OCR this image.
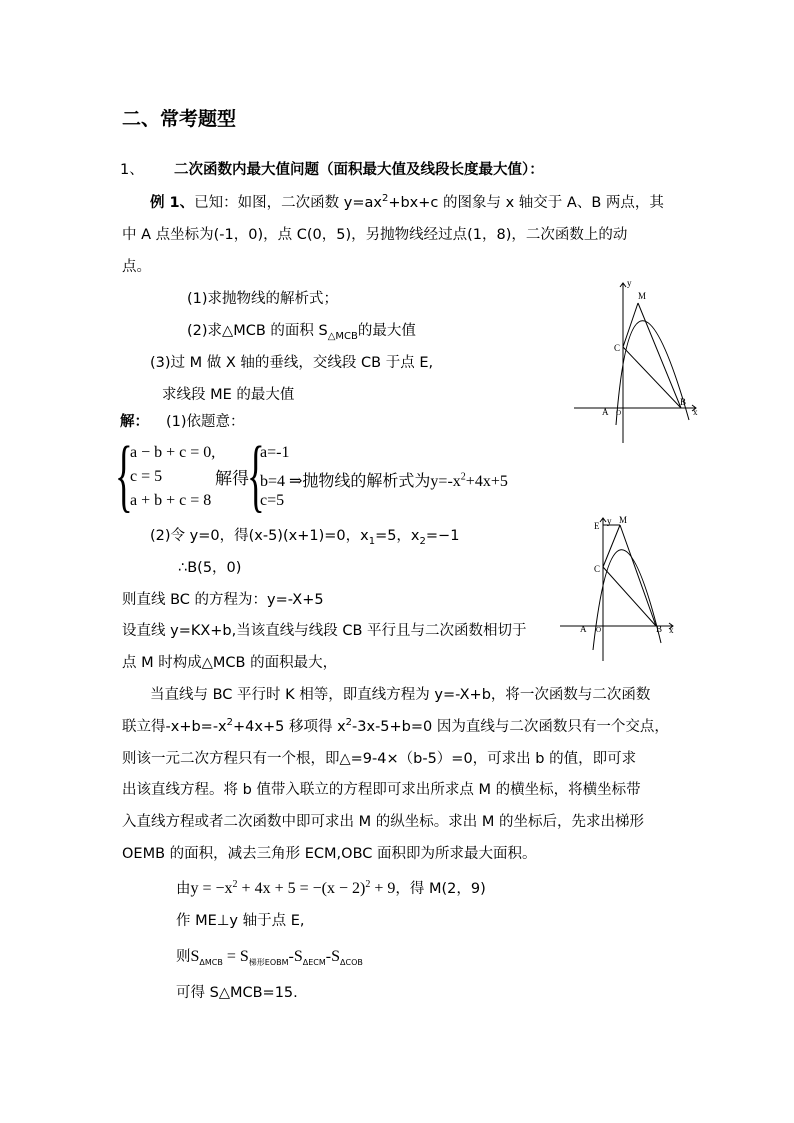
二、常考题型
1、 二次函数内最大值问题（面积最大值及线段长度最大值）：
例 1、已知：如图，二次函数 $y=ax^2+bx+c$ 的图象与 x 轴交于 A、B 两点，其
中 A 点坐标为(-1，0)，点 C(0，5)，另抛物线经过点(1，8)，二次函数上的动
点。
(1)求抛物线的解析式；
(2)求△MCB 的面积 $S_{\triangle MCB}$的最大值
(3)过 M 做 X 轴的垂线，交线段 CB 于点 E,
求线段 ME 的最大值
y
M
C
A O
B
x
解： (1)依题意：
{
a − b + c = 0,
c = 5
a + b + c = 8
解得
{
a=-1
b=4 ⇒抛物线的解析式为$y=-x^2+4x+5$
c=5
(2)令 y=0，得(x-5)(x+1)=0，$x_1=5$，$x_2=-1$
∴B(5，0)
则直线 BC 的方程为：y=-X+5
设直线 y=KX+b,当该直线与线段 CB 平行且与二次函数相切于
点 M 时构成△MCB 的面积最大，
y
E
M
C
A O	B x
当直线与 BC 平行时 K 相等，即直线方程为 y=-X+b，将一次函数与二次函数
联立得$-x+b=-x^2+4x+5$ 移项得 $x^2-3x-5+b=0$ 因为直线与二次函数只有一个交点，
则该一元二次方程只有一个根，即△=9-4×（b-5）=0，可求出 b 的值，即可求
出该直线方程。将 b 值带入联立的方程即可求出所求点 M 的横坐标，将横坐标带
入直线方程或者二次函数中即可求出 M 的纵坐标。求出 M 的坐标后，先求出梯形
OEMB 的面积，减去三角形 ECM,OBC 面积即为所求最大面积。
由$y = -x^2 + 4x + 5 = -(x - 2)^2 + 9$，得 M(2，9)
作 ME⊥y 轴于点 E,
则$S_{\Delta MCB} = S_{梯形EOBM}-S_{\Delta ECM}-S_{\Delta COB}$
可得 S△MCB=15.
